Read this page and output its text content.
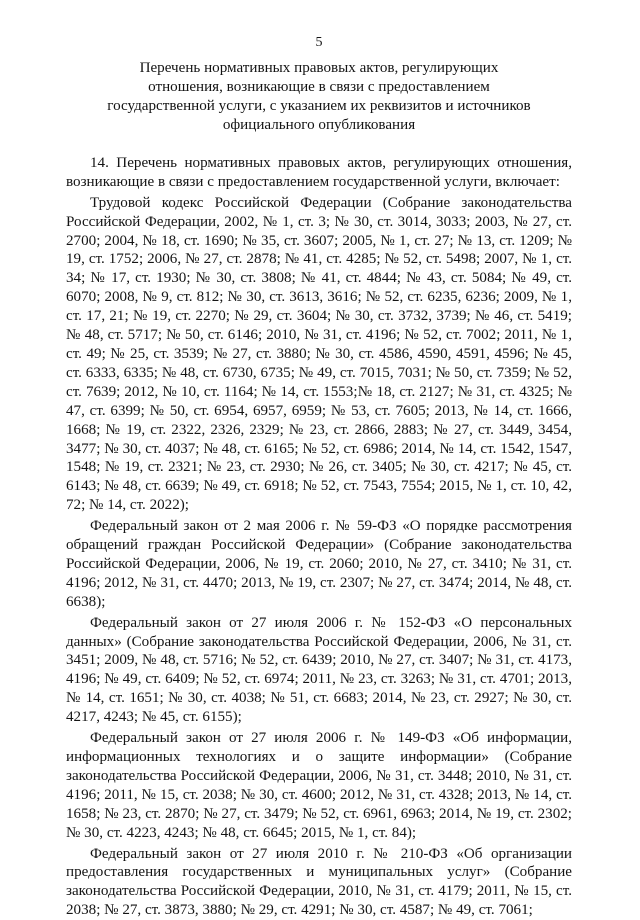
5
Перечень нормативных правовых актов, регулирующих
отношения, возникающие в связи с предоставлением
государственной услуги, с указанием их реквизитов и источников
официального опубликования

14. Перечень нормативных правовых актов, регулирующих отношения, возникающие в связи с предоставлением государственной услуги, включает:

Трудовой кодекс Российской Федерации (Собрание законодательства Российской Федерации, 2002, № 1, ст. 3; № 30, ст. 3014, 3033; 2003, № 27, ст. 2700; 2004, № 18, ст. 1690; № 35, ст. 3607; 2005, № 1, ст. 27; № 13, ст. 1209; № 19, ст. 1752; 2006, № 27, ст. 2878; № 41, ст. 4285; № 52, ст. 5498; 2007, № 1, ст. 34; № 17, ст. 1930; № 30, ст. 3808; № 41, ст. 4844; № 43, ст. 5084; № 49, ст. 6070; 2008, № 9, ст. 812; № 30, ст. 3613, 3616; № 52, ст. 6235, 6236; 2009, № 1, ст. 17, 21; № 19, ст. 2270; № 29, ст. 3604; № 30, ст. 3732, 3739; № 46, ст. 5419; № 48, ст. 5717; № 50, ст. 6146; 2010, № 31, ст. 4196; № 52, ст. 7002; 2011, № 1, ст. 49; № 25, ст. 3539; № 27, ст. 3880; № 30, ст. 4586, 4590, 4591, 4596; № 45, ст. 6333, 6335; № 48, ст. 6730, 6735; № 49, ст. 7015, 7031; № 50, ст. 7359; № 52, ст. 7639; 2012, № 10, ст. 1164; № 14, ст. 1553;№ 18, ст. 2127; № 31, ст. 4325; № 47, ст. 6399; № 50, ст. 6954, 6957, 6959; № 53, ст. 7605; 2013, № 14, ст. 1666, 1668; № 19, ст. 2322, 2326, 2329; № 23, ст. 2866, 2883; № 27, ст. 3449, 3454, 3477; № 30, ст. 4037; № 48, ст. 6165; № 52, ст. 6986; 2014, № 14, ст. 1542, 1547, 1548; № 19, ст. 2321; № 23, ст. 2930; № 26, ст. 3405; № 30, ст. 4217; № 45, ст. 6143; № 48, ст. 6639; № 49, ст. 6918; № 52, ст. 7543, 7554; 2015, № 1, ст. 10, 42, 72; № 14, ст. 2022);

Федеральный закон от 2 мая 2006 г. № 59-ФЗ «О порядке рассмотрения обращений граждан Российской Федерации» (Собрание законодательства Российской Федерации, 2006, № 19, ст. 2060; 2010, № 27, ст. 3410; № 31, ст. 4196; 2012, № 31, ст. 4470; 2013, № 19, ст. 2307; № 27, ст. 3474; 2014, № 48, ст. 6638);

Федеральный закон от 27 июля 2006 г. № 152-ФЗ «О персональных данных» (Собрание законодательства Российской Федерации, 2006, № 31, ст. 3451; 2009, № 48, ст. 5716; № 52, ст. 6439; 2010, № 27, ст. 3407; № 31, ст. 4173, 4196; № 49, ст. 6409; № 52, ст. 6974; 2011, № 23, ст. 3263; № 31, ст. 4701; 2013, № 14, ст. 1651; № 30, ст. 4038; № 51, ст. 6683; 2014, № 23, ст. 2927; № 30, ст. 4217, 4243; № 45, ст. 6155);

Федеральный закон от 27 июля 2006 г. № 149-ФЗ «Об информации, информационных технологиях и о защите информации» (Собрание законодательства Российской Федерации, 2006, № 31, ст. 3448; 2010, № 31, ст. 4196; 2011, № 15, ст. 2038; № 30, ст. 4600; 2012, № 31, ст. 4328; 2013, № 14, ст. 1658; № 23, ст. 2870; № 27, ст. 3479; № 52, ст. 6961, 6963; 2014, № 19, ст. 2302; № 30, ст. 4223, 4243; № 48, ст. 6645; 2015, № 1, ст. 84);

Федеральный закон от 27 июля 2010 г. № 210-ФЗ «Об организации предоставления государственных и муниципальных услуг» (Собрание законодательства Российской Федерации, 2010, № 31, ст. 4179; 2011, № 15, ст. 2038; № 27, ст. 3873, 3880; № 29, ст. 4291; № 30, ст. 4587; № 49, ст. 7061;
